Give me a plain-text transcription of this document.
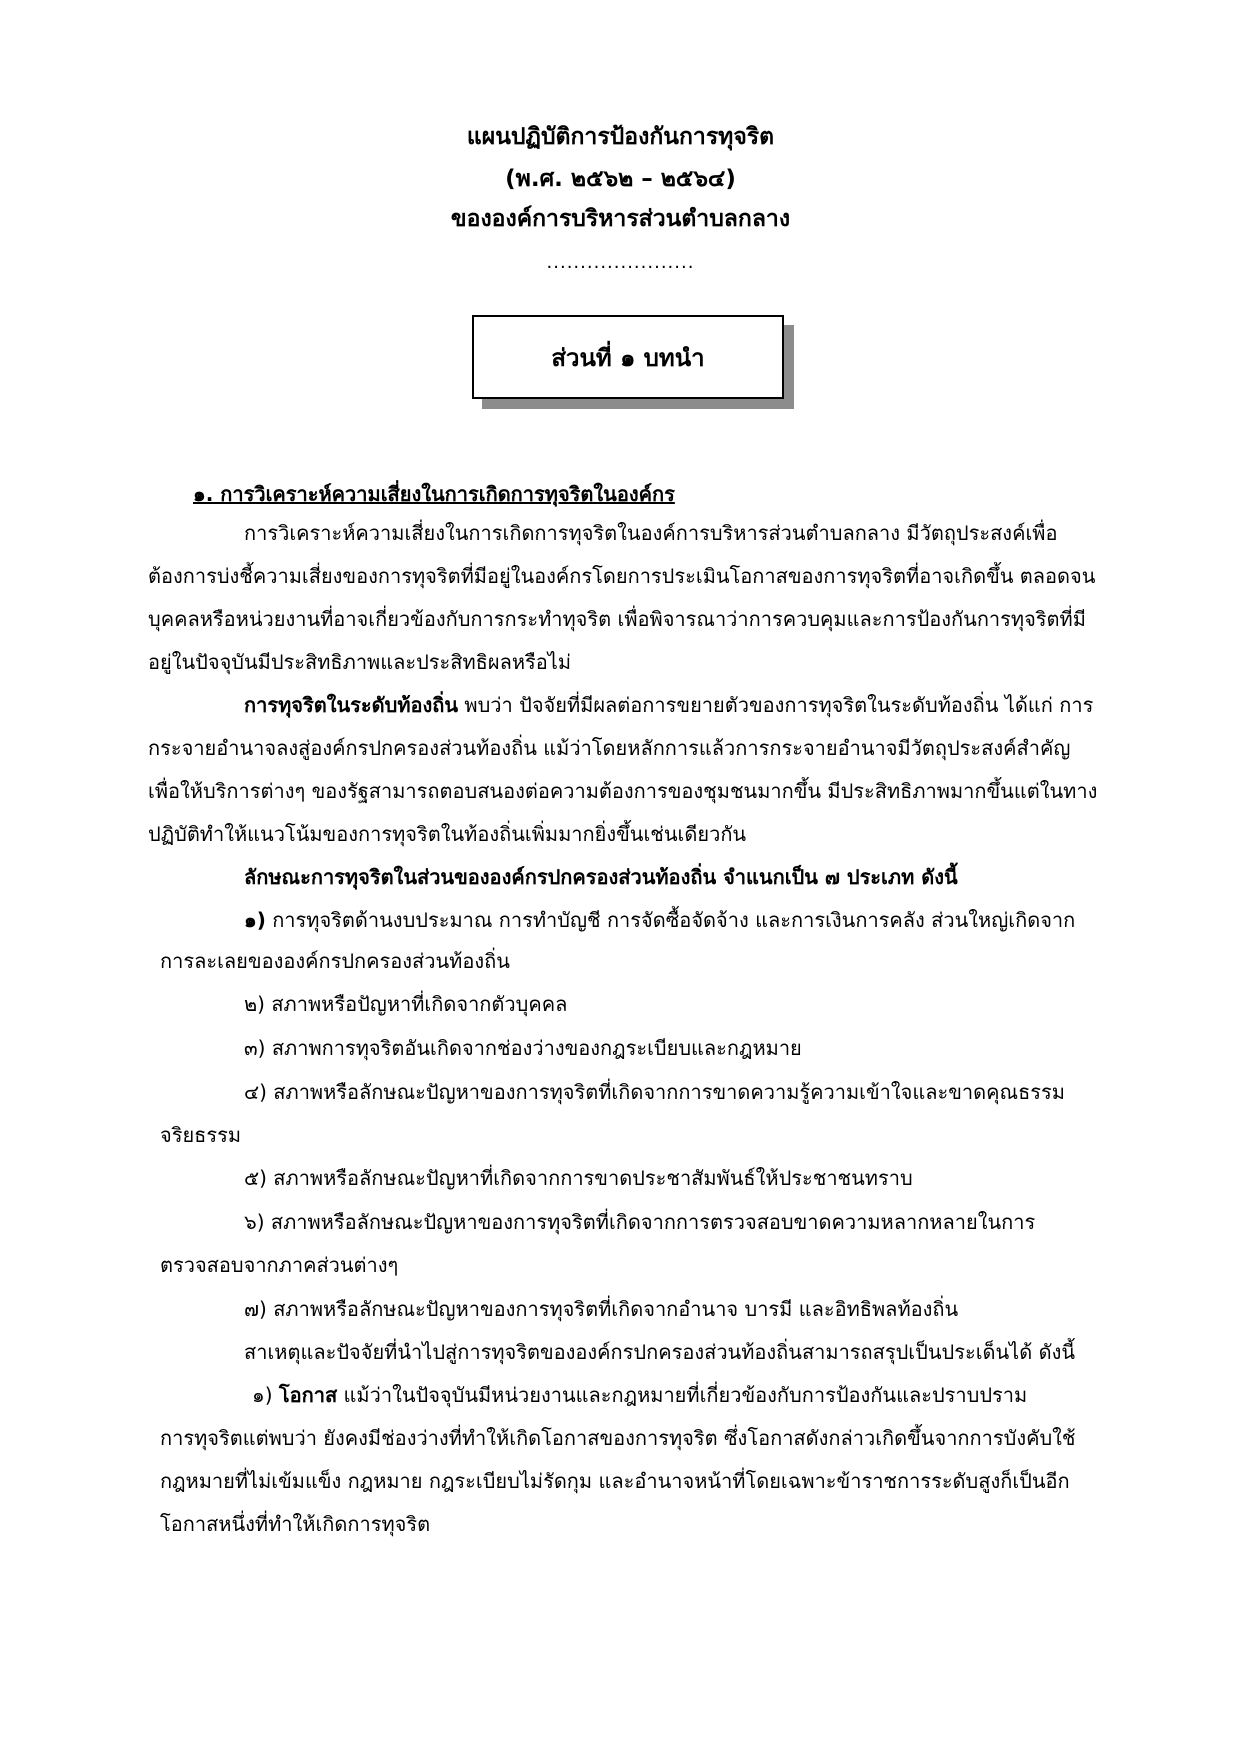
แผนปฏิบัติการป้องกันการทุจริต
(พ.ศ. ๒๕๖๒ – ๒๕๖๔)
ขององค์การบริหารส่วนตำบลกลาง
......................
ส่วนที่ ๑ บทนำ
๑. การวิเคราะห์ความเสี่ยงในการเกิดการทุจริตในองค์กร
การวิเคราะห์ความเสี่ยงในการเกิดการทุจริตในองค์การบริหารส่วนตำบลกลาง มีวัตถุประสงค์เพื่อ
ต้องการบ่งชี้ความเสี่ยงของการทุจริตที่มีอยู่ในองค์กรโดยการประเมินโอกาสของการทุจริตที่อาจเกิดขึ้น ตลอดจน
บุคคลหรือหน่วยงานที่อาจเกี่ยวข้องกับการกระทำทุจริต เพื่อพิจารณาว่าการควบคุมและการป้องกันการทุจริตที่มี
อยู่ในปัจจุบันมีประสิทธิภาพและประสิทธิผลหรือไม่
การทุจริตในระดับท้องถิ่น พบว่า ปัจจัยที่มีผลต่อการขยายตัวของการทุจริตในระดับท้องถิ่น ได้แก่ การ
กระจายอำนาจลงสู่องค์กรปกครองส่วนท้องถิ่น แม้ว่าโดยหลักการแล้วการกระจายอำนาจมีวัตถุประสงค์สำคัญ
เพื่อให้บริการต่างๆ ของรัฐสามารถตอบสนองต่อความต้องการของชุมชนมากขึ้น มีประสิทธิภาพมากขึ้นแต่ในทาง
ปฏิบัติทำให้แนวโน้มของการทุจริตในท้องถิ่นเพิ่มมากยิ่งขึ้นเช่นเดียวกัน
ลักษณะการทุจริตในส่วนขององค์กรปกครองส่วนท้องถิ่น จำแนกเป็น ๗ ประเภท ดังนี้
๑) การทุจริตด้านงบประมาณ การทำบัญชี การจัดซื้อจัดจ้าง และการเงินการคลัง ส่วนใหญ่เกิดจาก
การละเลยขององค์กรปกครองส่วนท้องถิ่น
๒) สภาพหรือปัญหาที่เกิดจากตัวบุคคล
๓) สภาพการทุจริตอันเกิดจากช่องว่างของกฎระเบียบและกฎหมาย
๔) สภาพหรือลักษณะปัญหาของการทุจริตที่เกิดจากการขาดความรู้ความเข้าใจและขาดคุณธรรม
จริยธรรม
๕) สภาพหรือลักษณะปัญหาที่เกิดจากการขาดประชาสัมพันธ์ให้ประชาชนทราบ
๖) สภาพหรือลักษณะปัญหาของการทุจริตที่เกิดจากการตรวจสอบขาดความหลากหลายในการ
ตรวจสอบจากภาคส่วนต่างๆ
๗) สภาพหรือลักษณะปัญหาของการทุจริตที่เกิดจากอำนาจ บารมี และอิทธิพลท้องถิ่น
สาเหตุและปัจจัยที่นำไปสู่การทุจริตขององค์กรปกครองส่วนท้องถิ่นสามารถสรุปเป็นประเด็นได้ ดังนี้
๑) โอกาส แม้ว่าในปัจจุบันมีหน่วยงานและกฎหมายที่เกี่ยวข้องกับการป้องกันและปราบปราม
การทุจริตแต่พบว่า ยังคงมีช่องว่างที่ทำให้เกิดโอกาสของการทุจริต ซึ่งโอกาสดังกล่าวเกิดขึ้นจากการบังคับใช้
กฎหมายที่ไม่เข้มแข็ง กฎหมาย กฎระเบียบไม่รัดกุม และอำนาจหน้าที่โดยเฉพาะข้าราชการระดับสูงก็เป็นอีก
โอกาสหนึ่งที่ทำให้เกิดการทุจริต
